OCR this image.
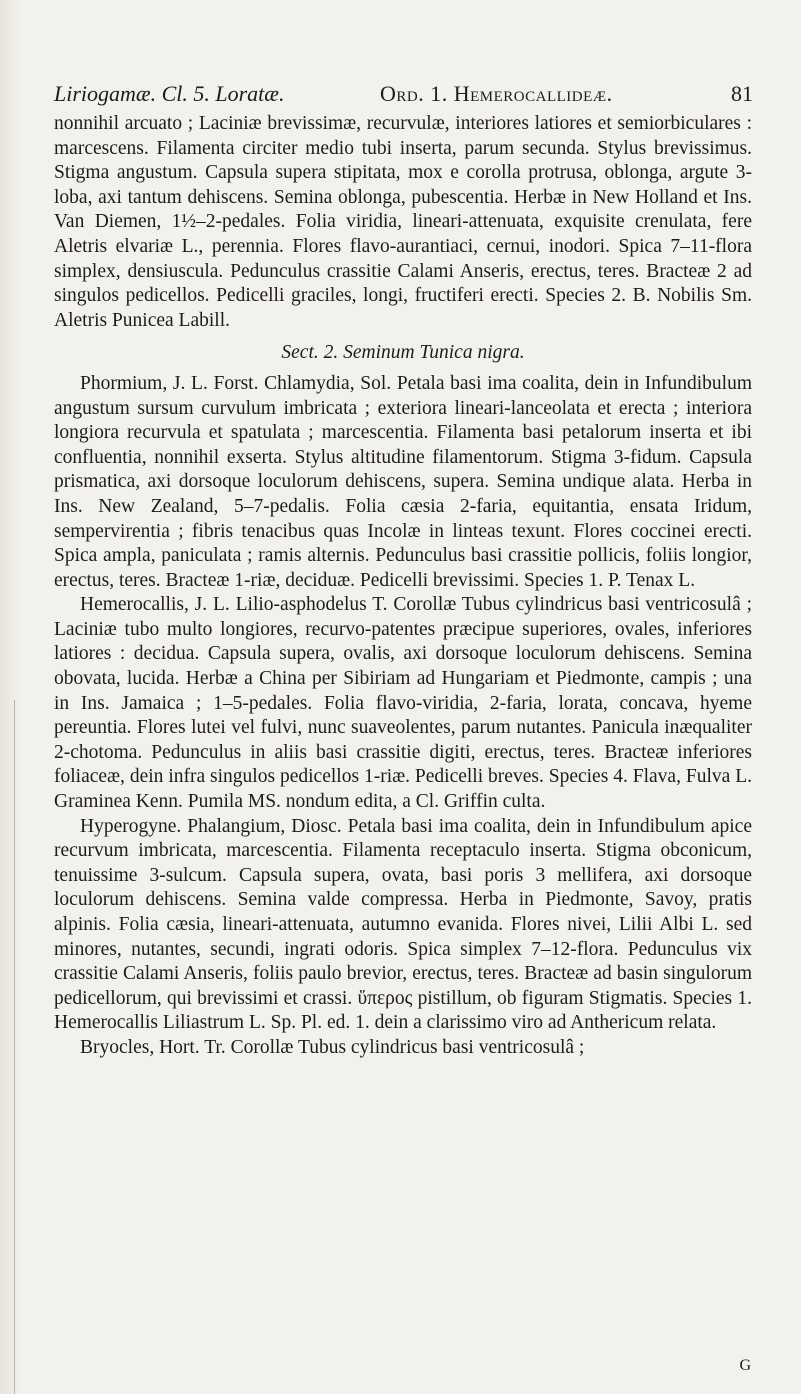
Liriogamæ. Cl. 5. Loratæ.	Ord. 1. Hemerocallideæ.	81

nonnihil arcuato ; Laciniæ brevissimæ, recurvulæ, interiores latiores et semiorbiculares : marcescens. Filamenta circiter medio tubi inserta, parum secunda. Stylus brevissimus. Stigma angustum. Capsula supera stipitata, mox e corolla protrusa, oblonga, argute 3-loba, axi tantum dehiscens. Semina oblonga, pubescentia. Herbæ in New Holland et Ins. Van Diemen, 1½–2-pedales. Folia viridia, lineari-attenuata, exquisite crenulata, fere Aletris elvariæ L., perennia. Flores flavo-aurantiaci, cernui, inodori. Spica 7–11-flora simplex, densiuscula. Pedunculus crassitie Calami Anseris, erectus, teres. Bracteæ 2 ad singulos pedicellos. Pedicelli graciles, longi, fructiferi erecti. Species 2. B. Nobilis Sm. Aletris Punicea Labill.

Sect. 2. Seminum Tunica nigra.

Phormium, J. L. Forst. Chlamydia, Sol. Petala basi ima coalita, dein in Infundibulum angustum sursum curvulum imbricata ; exteriora lineari-lanceolata et erecta ; interiora longiora recurvula et spatulata ; marcescentia. Filamenta basi petalorum inserta et ibi confluentia, nonnihil exserta. Stylus altitudine filamentorum. Stigma 3-fidum. Capsula prismatica, axi dorsoque loculorum dehiscens, supera. Semina undique alata. Herba in Ins. New Zealand, 5–7-pedalis. Folia cæsia 2-faria, equitantia, ensata Iridum, sempervirentia ; fibris tenacibus quas Incolæ in linteas texunt. Flores coccinei erecti. Spica ampla, paniculata ; ramis alternis. Pedunculus basi crassitie pollicis, foliis longior, erectus, teres. Bracteæ 1-riæ, deciduæ. Pedicelli brevissimi. Species 1. P. Tenax L.

Hemerocallis, J. L. Lilio-asphodelus T. Corollæ Tubus cylindricus basi ventricosulâ ; Laciniæ tubo multo longiores, recurvo-patentes præcipue superiores, ovales, inferiores latiores : decidua. Capsula supera, ovalis, axi dorsoque loculorum dehiscens. Semina obovata, lucida. Herbæ a China per Sibiriam ad Hungariam et Piedmonte, campis ; una in Ins. Jamaica ; 1–5-pedales. Folia flavo-viridia, 2-faria, lorata, concava, hyeme pereuntia. Flores lutei vel fulvi, nunc suaveolentes, parum nutantes. Panicula inæqualiter 2-chotoma. Pedunculus in aliis basi crassitie digiti, erectus, teres. Bracteæ inferiores foliaceæ, dein infra singulos pedicellos 1-riæ. Pedicelli breves. Species 4. Flava, Fulva L. Graminea Kenn. Pumila MS. nondum edita, a Cl. Griffin culta.

Hyperogyne. Phalangium, Diosc. Petala basi ima coalita, dein in Infundibulum apice recurvum imbricata, marcescentia. Filamenta receptaculo inserta. Stigma obconicum, tenuissime 3-sulcum. Capsula supera, ovata, basi poris 3 mellifera, axi dorsoque loculorum dehiscens. Semina valde compressa. Herba in Piedmonte, Savoy, pratis alpinis. Folia cæsia, lineari-attenuata, autumno evanida. Flores nivei, Lilii Albi L. sed minores, nutantes, secundi, ingrati odoris. Spica simplex 7–12-flora. Pedunculus vix crassitie Calami Anseris, foliis paulo brevior, erectus, teres. Bracteæ ad basin singulorum pedicellorum, qui brevissimi et crassi. ὕπερος pistillum, ob figuram Stigmatis. Species 1. Hemerocallis Liliastrum L. Sp. Pl. ed. 1. dein a clarissimo viro ad Anthericum relata.

Bryocles, Hort. Tr. Corollæ Tubus cylindricus basi ventricosulâ ;

G
